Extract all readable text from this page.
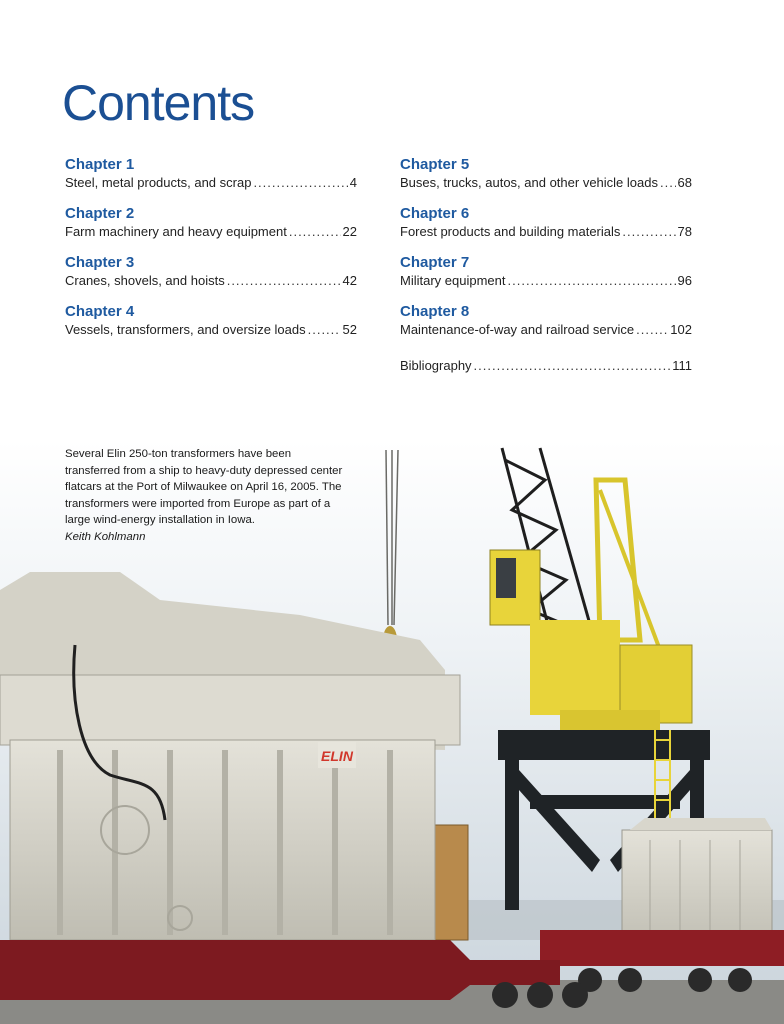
Contents
Chapter 1
Steel, metal products, and scrap .....	4
Chapter 2
Farm machinery and heavy equipment .....	22
Chapter 3
Cranes, shovels, and hoists .....	42
Chapter 4
Vessels, transformers, and oversize loads .....	52
Chapter 5
Buses, trucks, autos, and other vehicle loads ..... 68
Chapter 6
Forest products and building materials .....	78
Chapter 7
Military equipment .....	96
Chapter 8
Maintenance-of-way and railroad service .....	102
Bibliography .....	111
ELIN
Several Elin 250-ton transformers have been transferred from a ship to heavy-duty depressed center flatcars at the Port of Milwaukee on April 16, 2005. The transformers were imported from Europe as part of a large wind-energy installation in Iowa.
Keith Kohlmann
